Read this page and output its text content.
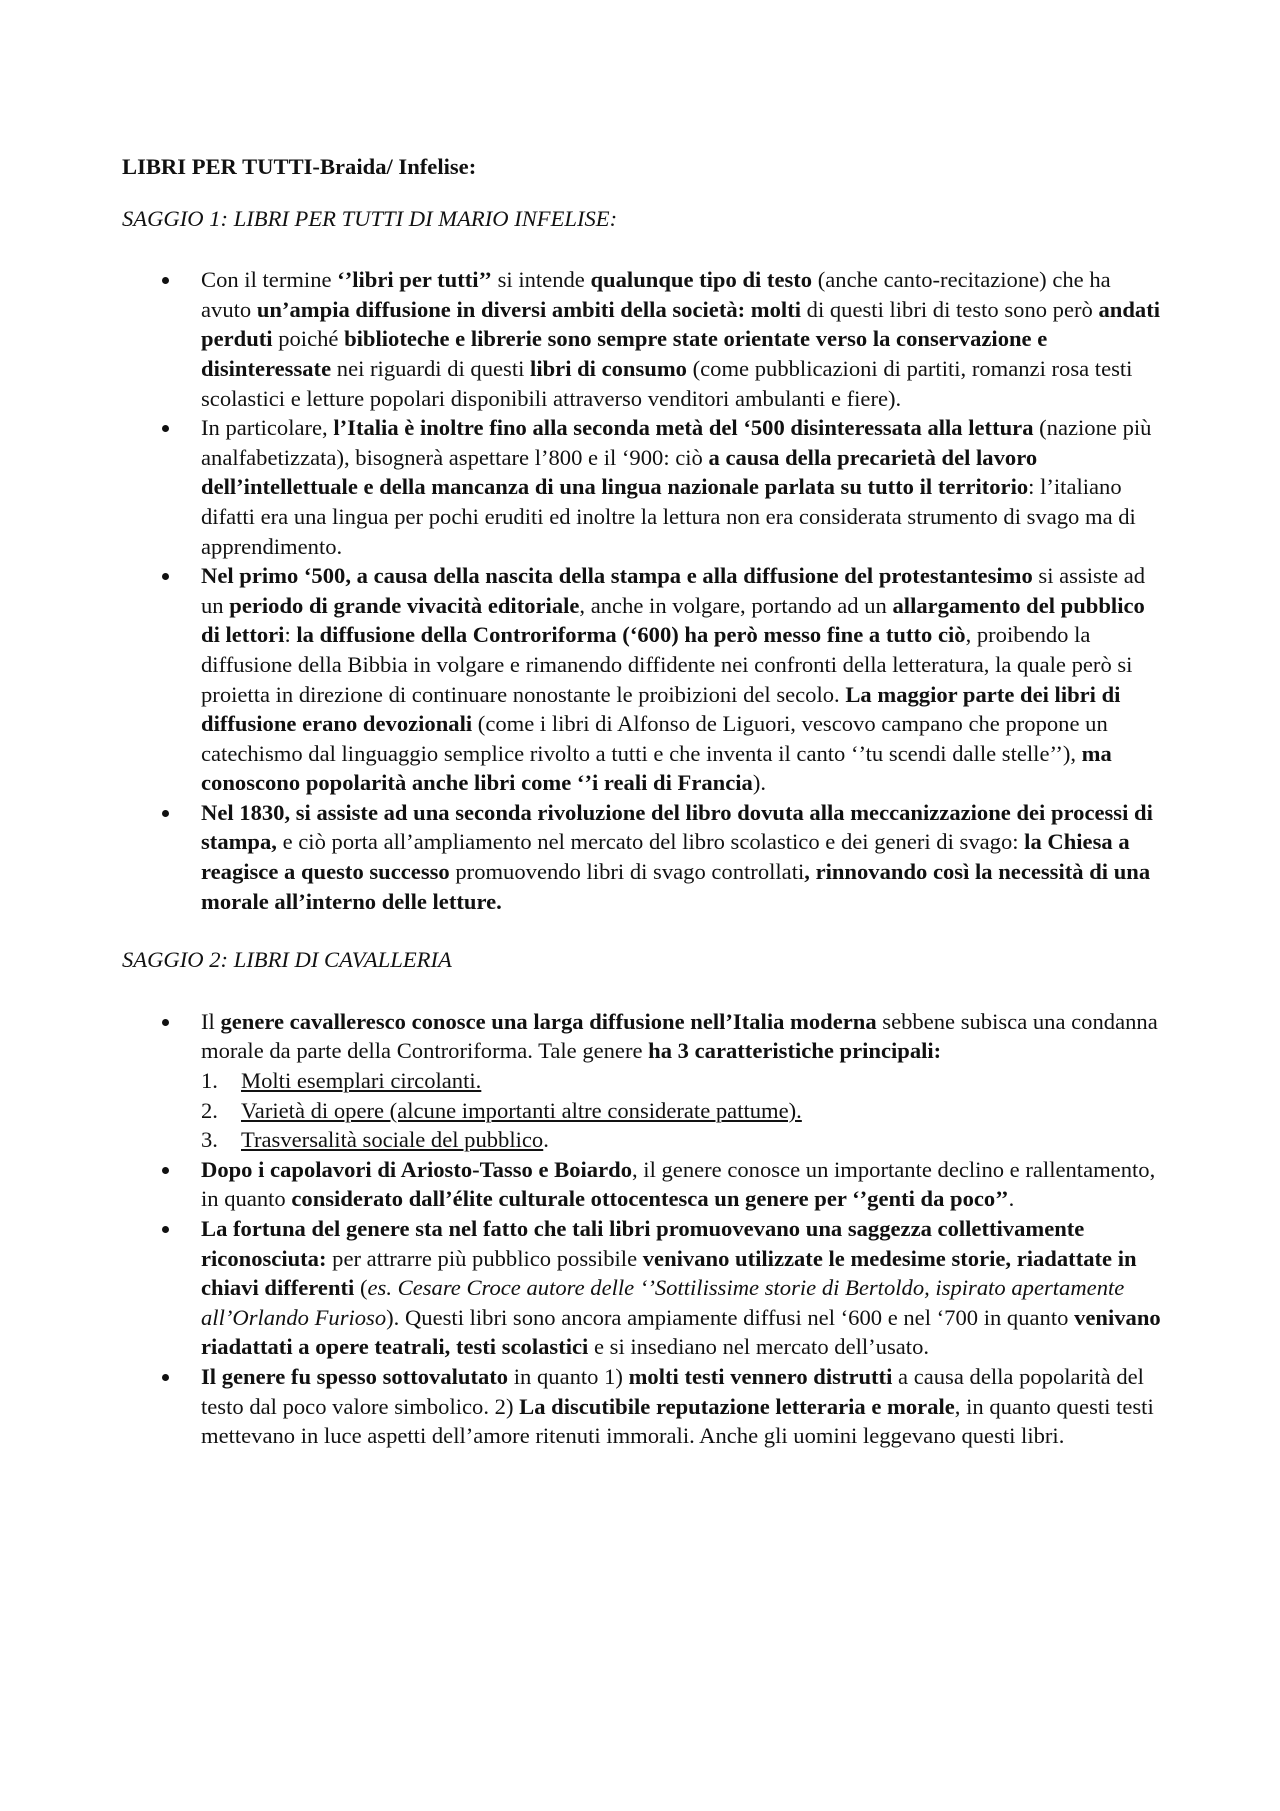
LIBRI PER TUTTI-Braida/ Infelise:
SAGGIO 1: LIBRI PER TUTTI DI MARIO INFELISE:
Con il termine ‘’libri per tutti’’ si intende qualunque tipo di testo (anche canto-recitazione) che ha avuto un’ampia diffusione in diversi ambiti della società: molti di questi libri di testo sono però andati perduti poiché biblioteche e librerie sono sempre state orientate verso la conservazione e disinteressate nei riguardi di questi libri di consumo (come pubblicazioni di partiti, romanzi rosa testi scolastici e letture popolari disponibili attraverso venditori ambulanti e fiere).
In particolare, l’Italia è inoltre fino alla seconda metà del ‘500 disinteressata alla lettura (nazione più analfabetizzata), bisognerà aspettare l’800 e il ‘900: ciò a causa della precarietà del lavoro dell’intellettuale e della mancanza di una lingua nazionale parlata su tutto il territorio: l’italiano difatti era una lingua per pochi eruditi ed inoltre la lettura non era considerata strumento di svago ma di apprendimento.
Nel primo ‘500, a causa della nascita della stampa e alla diffusione del protestantesimo si assiste ad un periodo di grande vivacità editoriale, anche in volgare, portando ad un allargamento del pubblico di lettori: la diffusione della Controriforma (‘600) ha però messo fine a tutto ciò, proibendo la diffusione della Bibbia in volgare e rimanendo diffidente nei confronti della letteratura, la quale però si proietta in direzione di continuare nonostante le proibizioni del secolo. La maggior parte dei libri di diffusione erano devozionali (come i libri di Alfonso de Liguori, vescovo campano che propone un catechismo dal linguaggio semplice rivolto a tutti e che inventa il canto ‘’tu scendi dalle stelle’’), ma conoscono popolarità anche libri come ‘’i reali di Francia).
Nel 1830, si assiste ad una seconda rivoluzione del libro dovuta alla meccanizzazione dei processi di stampa, e ciò porta all’ampliamento nel mercato del libro scolastico e dei generi di svago: la Chiesa a reagisce a questo successo promuovendo libri di svago controllati, rinnovando così la necessità di una morale all’interno delle letture.
SAGGIO 2: LIBRI DI CAVALLERIA
Il genere cavalleresco conosce una larga diffusione nell’Italia moderna sebbene subisca una condanna morale da parte della Controriforma. Tale genere ha 3 caratteristiche principali:
1. Molti esemplari circolanti.
2. Varietà di opere (alcune importanti altre considerate pattume).
3. Trasversalità sociale del pubblico.
Dopo i capolavori di Ariosto-Tasso e Boiardo, il genere conosce un importante declino e rallentamento, in quanto considerato dall’élite culturale ottocentesca un genere per ‘’genti da poco’’.
La fortuna del genere sta nel fatto che tali libri promuovevano una saggezza collettivamente riconosciuta: per attrarre più pubblico possibile venivano utilizzate le medesime storie, riadattate in chiavi differenti (es. Cesare Croce autore delle ‘’Sottilissime storie di Bertoldo, ispirato apertamente all’Orlando Furioso). Questi libri sono ancora ampiamente diffusi nel ‘600 e nel ‘700 in quanto venivano riadattati a opere teatrali, testi scolastici e si insediano nel mercato dell’usato.
Il genere fu spesso sottovalutato in quanto 1) molti testi vennero distrutti a causa della popolarità del testo dal poco valore simbolico. 2) La discutibile reputazione letteraria e morale, in quanto questi testi mettevano in luce aspetti dell’amore ritenuti immorali. Anche gli uomini leggevano questi libri.
